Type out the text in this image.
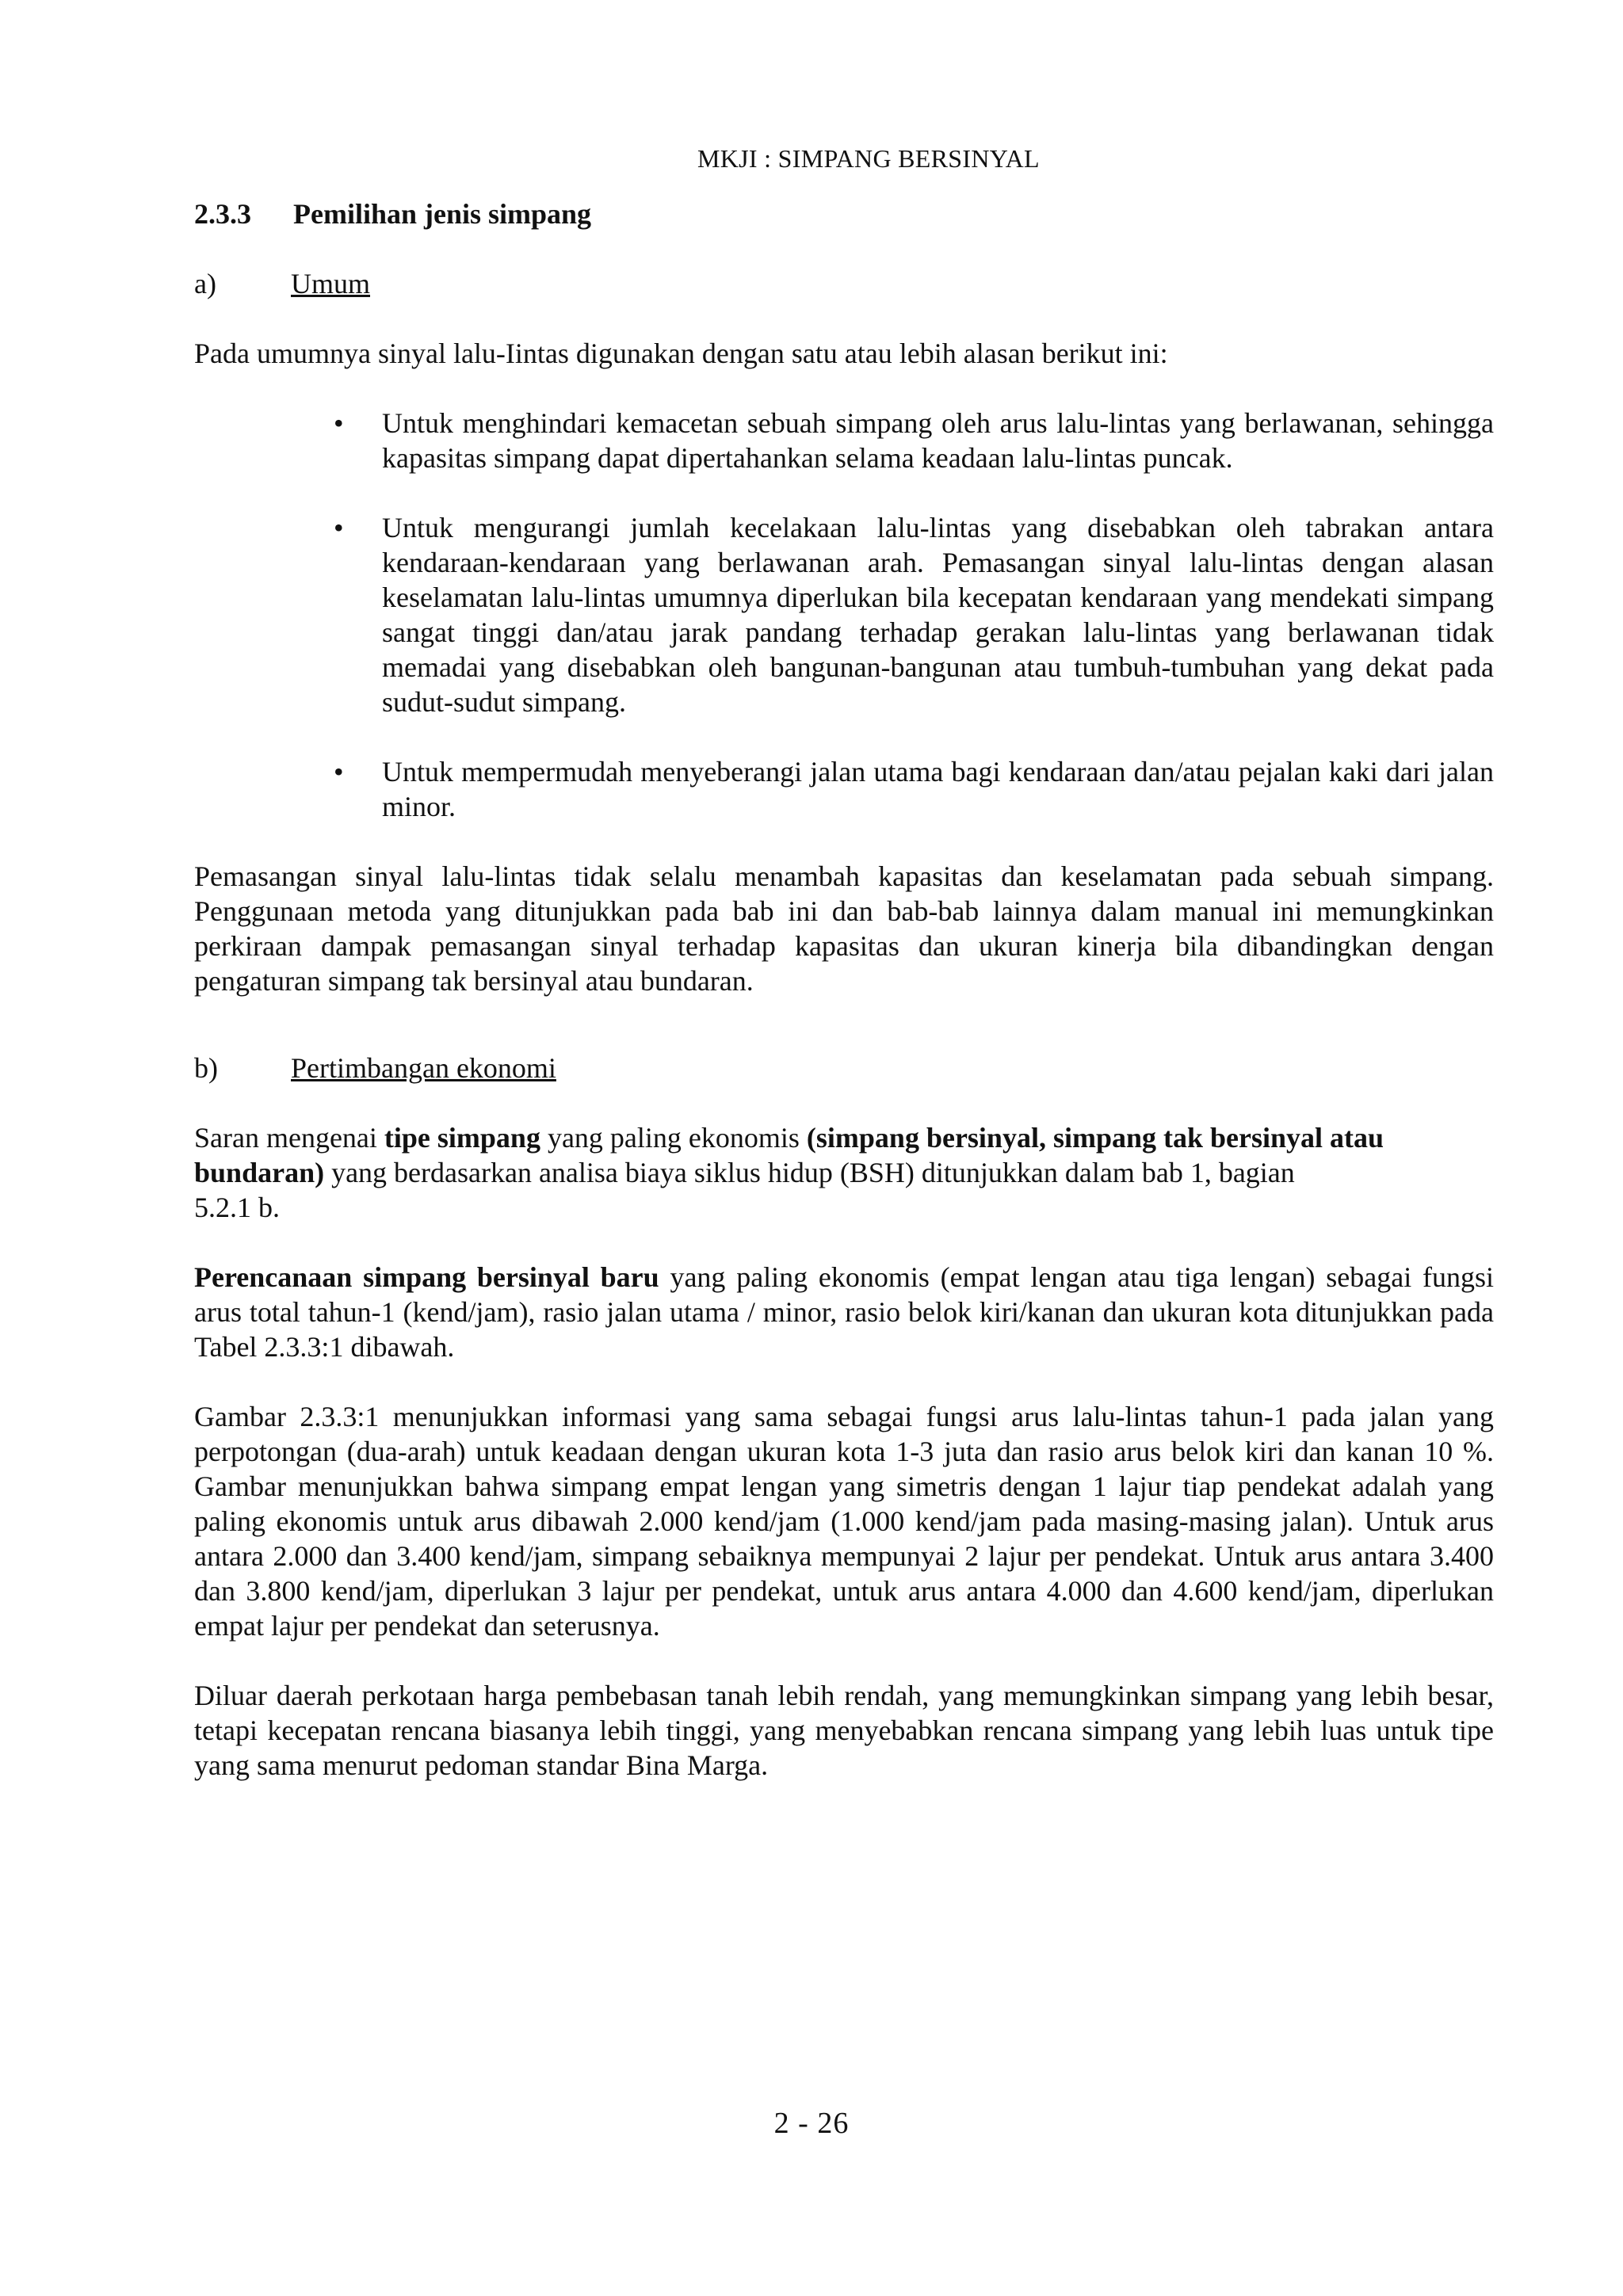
MKJI : SIMPANG BERSINYAL
2.3.3	Pemilihan jenis simpang
a)	Umum

Pada umumnya sinyal lalu-Iintas digunakan dengan satu atau lebih alasan berikut ini:

• Untuk menghindari kemacetan sebuah simpang oleh arus lalu-lintas yang berlawanan, sehingga kapasitas simpang dapat dipertahankan selama keadaan lalu-lintas puncak.
• Untuk mengurangi jumlah kecelakaan lalu-lintas yang disebabkan oleh tabrakan antara kendaraan-kendaraan yang berlawanan arah. Pemasangan sinyal lalu-lintas dengan alasan keselamatan lalu-lintas umumnya diperlukan bila kecepatan kendaraan yang mendekati simpang sangat tinggi dan/atau jarak pandang terhadap gerakan lalu-lintas yang berlawanan tidak memadai yang disebabkan oleh bangunan-bangunan atau tumbuh-tumbuhan yang dekat pada sudut-sudut simpang.
• Untuk mempermudah menyeberangi jalan utama bagi kendaraan dan/atau pejalan kaki dari jalan minor.

Pemasangan sinyal lalu-lintas tidak selalu menambah kapasitas dan keselamatan pada sebuah simpang. Penggunaan metoda yang ditunjukkan pada bab ini dan bab-bab lainnya dalam manual ini memungkinkan perkiraan dampak pemasangan sinyal terhadap kapasitas dan ukuran kinerja bila dibandingkan dengan pengaturan simpang tak bersinyal atau bundaran.

b)	Pertimbangan ekonomi

Saran mengenai tipe simpang yang paling ekonomis (simpang bersinyal, simpang tak bersinyal atau bundaran) yang berdasarkan analisa biaya siklus hidup (BSH) ditunjukkan dalam bab 1, bagian
5.2.1 b.

Perencanaan simpang bersinyal baru yang paling ekonomis (empat lengan atau tiga lengan) sebagai fungsi arus total tahun-1 (kend/jam), rasio jalan utama / minor, rasio belok kiri/kanan dan ukuran kota ditunjukkan pada Tabel 2.3.3:1 dibawah.

Gambar 2.3.3:1 menunjukkan informasi yang sama sebagai fungsi arus lalu-lintas tahun-1 pada jalan yang perpotongan (dua-arah) untuk keadaan dengan ukuran kota 1-3 juta dan rasio arus belok kiri dan kanan 10 %. Gambar menunjukkan bahwa simpang empat lengan yang simetris dengan 1 lajur tiap pendekat adalah yang paling ekonomis untuk arus dibawah 2.000 kend/jam (1.000 kend/jam pada masing-masing jalan). Untuk arus antara 2.000 dan 3.400 kend/jam, simpang sebaiknya mempunyai 2 lajur per pendekat. Untuk arus antara 3.400 dan 3.800 kend/jam, diperlukan 3 lajur per pendekat, untuk arus antara 4.000 dan 4.600 kend/jam, diperlukan empat lajur per pendekat dan seterusnya.

Diluar daerah perkotaan harga pembebasan tanah lebih rendah, yang memungkinkan simpang yang lebih besar, tetapi kecepatan rencana biasanya lebih tinggi, yang menyebabkan rencana simpang yang lebih luas untuk tipe yang sama menurut pedoman standar Bina Marga.

2 - 26
